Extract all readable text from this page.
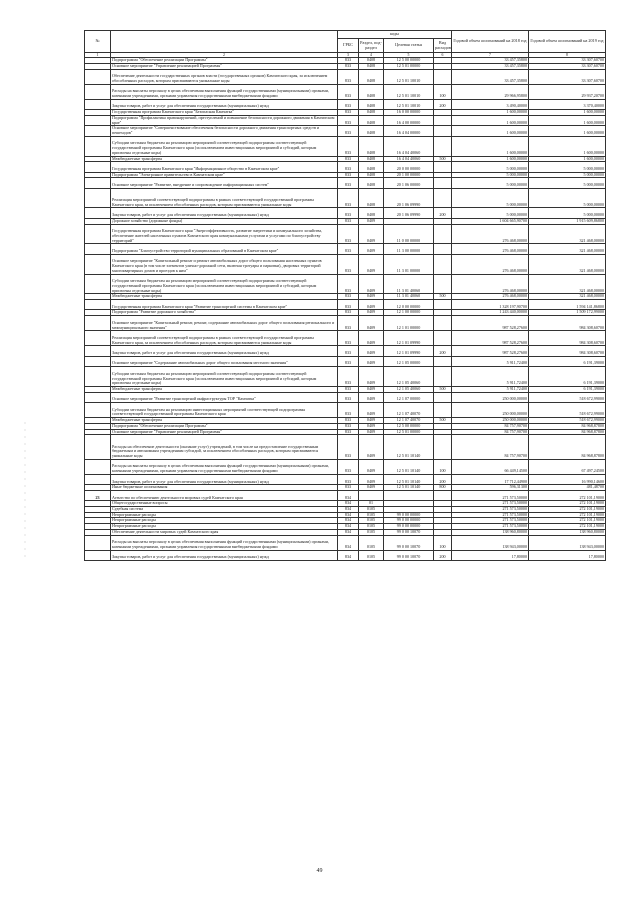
№		коды				Годовой объем ассигнований на 2018 год	Годовой объем ассигнований на 2019 год
		ГРБС	Раздел, под-раздел	Целевая статья	Вид расходов		
1	2	3	4	5	6	7	8
	Подпрограмма "Обеспечение реализации Программы"	833	0408	12 5 00 00000		33 457,35800	33 307,60700
	Основное мероприятие "Управление реализацией Программы"	833	0408	12 5 01 00000		33 457,35800	33 307,60700
	Обеспечение деятельности государственных органов власти (государственных органов) Камчатского края, за исключением обособленных расходов, которым присваиваются уникальные коды	833	0408	12 5 01 10010		33 457,35800	33 307,60700
	Расходы на выплаты персоналу в целях обеспечения выполнения функций государственными (муниципальными) органами, казенными учреждениями, органами управления государственными внебюджетными фондами	833	0408	12 5 01 10010	100	29 966,95800	29 937,20700
	Закупка товаров, работ и услуг для обеспечения государственных (муниципальных) нужд	833	0408	12 5 01 10010	200	3 490,40000	3 370,40000
	Государственная программа Камчатского края "Безопасная Камчатка"	833	0408	16 0 00 00000		1 600,00000	1 600,00000
	Подпрограмма "Профилактика правонарушений, преступлений и повышение безопасности дорожного движения в Камчатском крае"	833	0408	16 4 00 00000		1 600,00000	1 600,00000
	Основное мероприятие "Совершенствование обеспечения безопасности дорожного движения транспортных средств и пешеходов"	833	0408	16 4 04 00000		1 600,00000	1 600,00000
	Субсидии местным бюджетам на реализацию мероприятий соответствующей подпрограммы соответствующей государственной программы Камчатского края (за исключением инвестиционных мероприятий и субсидий, которым присвоены отдельные коды)	833	0408	16 4 04 40060		1 600,00000	1 600,00000
	Межбюджетные трансферты	833	0408	16 4 04 40060	500	1 600,00000	1 600,00000
	Государственная программа Камчатского края "Информационное общество в Камчатском крае"	833	0408	20 0 00 00000		5 000,00000	5 000,00000
	Подпрограмма "Электронное правительство в Камчатском крае"	833	0408	20 1 00 00000		5 000,00000	5 000,00000
	Основное мероприятие "Развитие, внедрение и сопровождение информационных систем"	833	0408	20 1 06 00000		5 000,00000	5 000,00000
	Реализация мероприятий соответствующей подпрограммы в рамках соответствующей государственной программы Камчатского края, за исключением обособленных расходов, которым присваиваются уникальные коды	833	0408	20 1 06 09990		5 000,00000	5 000,00000
	Закупка товаров, работ и услуг для обеспечения государственных (муниципальных) нужд	833	0408	20 1 06 09990	200	5 000,00000	5 000,00000
	Дорожное хозяйство (дорожные фонды)	833	0409			1 604 665,90700	1 915 609,86800
	Государственная программа Камчатского края "Энергоэффективность, развитие энергетики и коммунального хозяйства, обеспечение жителей населенных пунктов Камчатского края коммунальными услугами и услугами по благоустройству территорий"	833	0409	11 0 00 00000		276 468,00000	321 468,00000
	Подпрограмма "Благоустройство территорий муниципальных образований в Камчатском крае"	833	0409	11 3 00 00000		276 468,00000	321 468,00000
	Основное мероприятие "Капитальный ремонт и ремонт автомобильных дорог общего пользования населенных пунктов Камчатского края (в том числе элементов улично-дорожной сети, включая тротуары и парковки), дворовых территорий многоквартирных домов и проездов к ним"	833	0409	11 3 01 00000		276 468,00000	321 468,00000
	Субсидии местным бюджетам на реализацию мероприятий соответствующей подпрограммы соответствующей государственной программы Камчатского края (за исключением инвестиционных мероприятий и субсидий, которым присвоены отдельные коды)	833	0409	11 3 01 40060		276 468,00000	321 468,00000
	Межбюджетные трансферты	833	0409	11 3 01 40060	500	276 468,00000	321 468,00000
	Государственная программа Камчатского края "Развитие транспортной системы в Камчатском крае"	833	0409	12 0 00 00000		1 328 197,90700	1 594 141,86800
	Подпрограмма "Развитие дорожного хозяйства"	833	0409	12 1 00 00000		1 243 440,00000	1 509 172,99000
	Основное мероприятие "Капитальный ремонт, ремонт, содержание автомобильных дорог общего пользования регионального и межмуниципального значения"	833	0409	12 1 01 00000		987 528,27600	984 308,60700
	Реализация мероприятий соответствующей подпрограммы в рамках соответствующей государственной программы Камчатского края, за исключением обособленных расходов, которым присваиваются уникальные коды	833	0409	12 1 01 09990		987 528,27600	984 308,60700
	Закупка товаров, работ и услуг для обеспечения государственных (муниципальных) нужд	833	0409	12 1 01 09990	200	987 528,27600	984 308,60700
	Основное мероприятие "Содержание автомобильных дорог общего пользования местного значения"	833	0409	12 1 05 00000		5 911,72400	6 191,39000
	Субсидии местным бюджетам на реализацию мероприятий соответствующей подпрограммы соответствующей государственной программы Камчатского края (за исключением инвестиционных мероприятий и субсидий, которым присвоены отдельные коды)	833	0409	12 1 05 40060		5 911,72400	6 191,39000
	Межбюджетные трансферты	833	0409	12 1 05 40060	500	5 911,72400	6 191,39000
	Основное мероприятие "Развитие транспортной инфраструктуры ТОР "Камчатка"	833	0409	12 1 07 00000		250 000,00000	518 672,99000
	Субсидии местным бюджетам на реализацию инвестиционных мероприятий соответствующей подпрограммы соответствующей государственной программы Камчатского края	833	0409	12 1 07 40070		250 000,00000	518 672,99000
	Межбюджетные трансферты	833	0409	12 1 07 40070	500	250 000,00000	518 672,99000
	Подпрограмма "Обеспечение реализации Программы"	833	0409	12 5 00 00000		84 757,90700	84 968,87800
	Основное мероприятие "Управление реализацией Программы"	833	0409	12 5 01 00000		84 757,90700	84 968,87800
	Расходы на обеспечение деятельности (оказание услуг) учреждений, в том числе на предоставление государственным бюджетным и автономным учреждениям субсидий, за исключением обособленных расходов, которым присваиваются уникальные коды	833	0409	12 5 01 10140		84 757,90700	84 968,87800
	Расходы на выплаты персоналу в целях обеспечения выполнения функций государственными (муниципальными) органами, казенными учреждениями, органами управления государственными внебюджетными фондами	833	0409	12 5 01 10140	100	66 449,14500	67 497,24500
	Закупка товаров, работ и услуг для обеспечения государственных (муниципальных) нужд	833	0409	12 5 01 10140	200	17 712,44900	16 990,14600
	Иные бюджетные ассигнования	833	0409	12 5 01 10140	800	596,31300	481,48700
23	Агентство по обеспечению деятельности мировых судей Камчатского края	834				271 573,50000	272 101,19000
	Общегосударственные вопросы	834	01			271 573,50000	272 101,19000
	Судебная система	834	0105			271 573,50000	272 101,19000
	Непрограммные расходы	834	0105	99 0 00 00000		271 573,50000	272 101,19000
	Непрограммные расходы	834	0105	99 0 00 00000		271 573,50000	272 101,19000
	Непрограммные расходы	834	0105	99 0 00 00000		271 573,50000	272 101,19000
	Обеспечение деятельности мировых судей Камчатского края	834	0105	99 0 00 10070		138 960,80000	138 960,80000
	Расходы на выплаты персоналу в целях обеспечения выполнения функций государственными (муниципальными) органами, казенными учреждениями, органами управления государственными внебюджетными фондами	834	0105	99 0 00 10070	100	138 943,00000	138 943,00000
	Закупка товаров, работ и услуг для обеспечения государственных (муниципальных) нужд	834	0105	99 0 00 10070	200	17,80000	17,80000
49
